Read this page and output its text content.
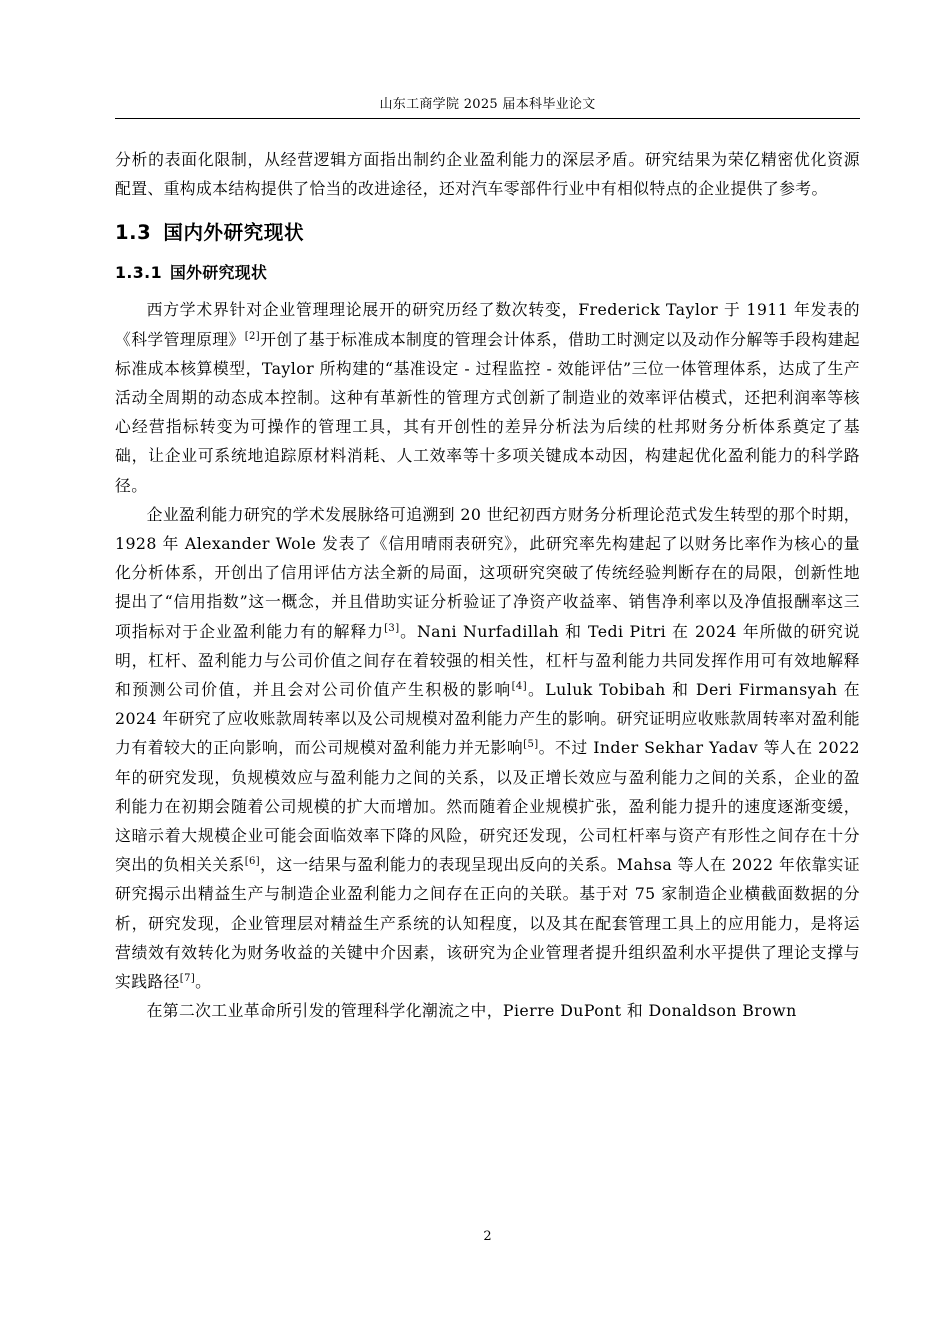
山东工商学院 2025 届本科毕业论文

分析的表面化限制，从经营逻辑方面指出制约企业盈利能力的深层矛盾。研究结果为荣亿精密优化资源配置、重构成本结构提供了恰当的改进途径，还对汽车零部件行业中有相似特点的企业提供了参考。

1.3 国内外研究现状
1.3.1 国外研究现状

西方学术界针对企业管理理论展开的研究历经了数次转变，Frederick Taylor 于 1911 年发表的《科学管理原理》[2]开创了基于标准成本制度的管理会计体系，借助工时测定以及动作分解等手段构建起标准成本核算模型，Taylor 所构建的“基准设定 - 过程监控 - 效能评估”三位一体管理体系，达成了生产活动全周期的动态成本控制。这种有革新性的管理方式创新了制造业的效率评估模式，还把利润率等核心经营指标转变为可操作的管理工具，其有开创性的差异分析法为后续的杜邦财务分析体系奠定了基础，让企业可系统地追踪原材料消耗、人工效率等十多项关键成本动因，构建起优化盈利能力的科学路径。

企业盈利能力研究的学术发展脉络可追溯到 20 世纪初西方财务分析理论范式发生转型的那个时期，1928 年 Alexander Wole 发表了《信用晴雨表研究》，此研究率先构建起了以财务比率作为核心的量化分析体系，开创出了信用评估方法全新的局面，这项研究突破了传统经验判断存在的局限，创新性地提出了“信用指数”这一概念，并且借助实证分析验证了净资产收益率、销售净利率以及净值报酬率这三项指标对于企业盈利能力有的解释力[3]。Nani Nurfadillah 和 Tedi Pitri 在 2024 年所做的研究说明，杠杆、盈利能力与公司价值之间存在着较强的相关性，杠杆与盈利能力共同发挥作用可有效地解释和预测公司价值，并且会对公司价值产生积极的影响[4]。Luluk Tobibah 和 Deri Firmansyah 在 2024 年研究了应收账款周转率以及公司规模对盈利能力产生的影响。研究证明应收账款周转率对盈利能力有着较大的正向影响，而公司规模对盈利能力并无影响[5]。不过 Inder Sekhar Yadav 等人在 2022 年的研究发现，负规模效应与盈利能力之间的关系，以及正增长效应与盈利能力之间的关系，企业的盈利能力在初期会随着公司规模的扩大而增加。然而随着企业规模扩张，盈利能力提升的速度逐渐变缓，这暗示着大规模企业可能会面临效率下降的风险，研究还发现，公司杠杆率与资产有形性之间存在十分突出的负相关关系[6]，这一结果与盈利能力的表现呈现出反向的关系。Mahsa 等人在 2022 年依靠实证研究揭示出精益生产与制造企业盈利能力之间存在正向的关联。基于对 75 家制造企业横截面数据的分析，研究发现，企业管理层对精益生产系统的认知程度，以及其在配套管理工具上的应用能力，是将运营绩效有效转化为财务收益的关键中介因素，该研究为企业管理者提升组织盈利水平提供了理论支撑与实践路径[7]。

在第二次工业革命所引发的管理科学化潮流之中，Pierre DuPont 和 Donaldson Brown

2
